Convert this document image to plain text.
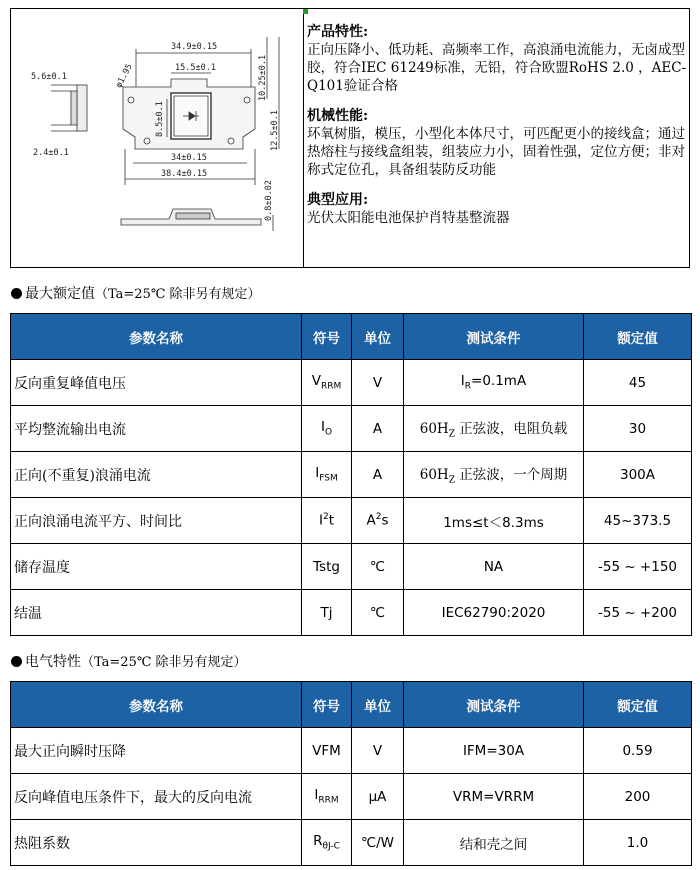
34.9±0.15
15.5±0.1
φ1.95
5.6±0.1
8.5±0.1
2.4±0.1	34±0.15
38.4±0.15
10.25±0.1
12.5±0.1
0.8±0.02
产品特性:

正向压降小、低功耗、高频率工作，高浪涌电流能力，无卤成型胶，符合IEC 61249标准，无铅，符合欧盟RoHS 2.0 ，AEC-Q101验证合格

机械性能:

环氧树脂，模压，小型化本体尺寸，可匹配更小的接线盒；通过热熔柱与接线盒组装，组装应力小，固着性强，定位方便；非对称式定位孔，具备组装防反功能

典型应用:

光伏太阳能电池保护肖特基整流器

最大额定值（Ta=25℃ 除非另有规定）
参数名称	符号	单位	测试条件	额定值
反向重复峰值电压	$V_{RRM}$	V	$I_R=0.1mA$	45
平均整流输出电流	$I_O$	A	$60H_Z$ 正弦波，电阻负载	30
正向(不重复)浪涌电流	$I_{FSM}$	A	$60H_Z$ 正弦波，一个周期	300A
正向浪涌电流平方、时间比	$I^2t$	$A^2s$	1ms≤t＜8.3ms	45~373.5
储存温度	Tstg	℃	NA	-55 ~ +150
结温	Tj	℃	IEC62790:2020	-55 ~ +200
电气特性（Ta=25℃ 除非另有规定）
参数名称	符号	单位	测试条件	额定值
最大正向瞬时压降	VFM	V	IFM=30A	0.59
反向峰值电压条件下，最大的反向电流	$I_{RRM}$	μA	VRM=VRRM	200
热阻系数	$R_{\theta J-C}$	℃/W	结和壳之间	1.0
